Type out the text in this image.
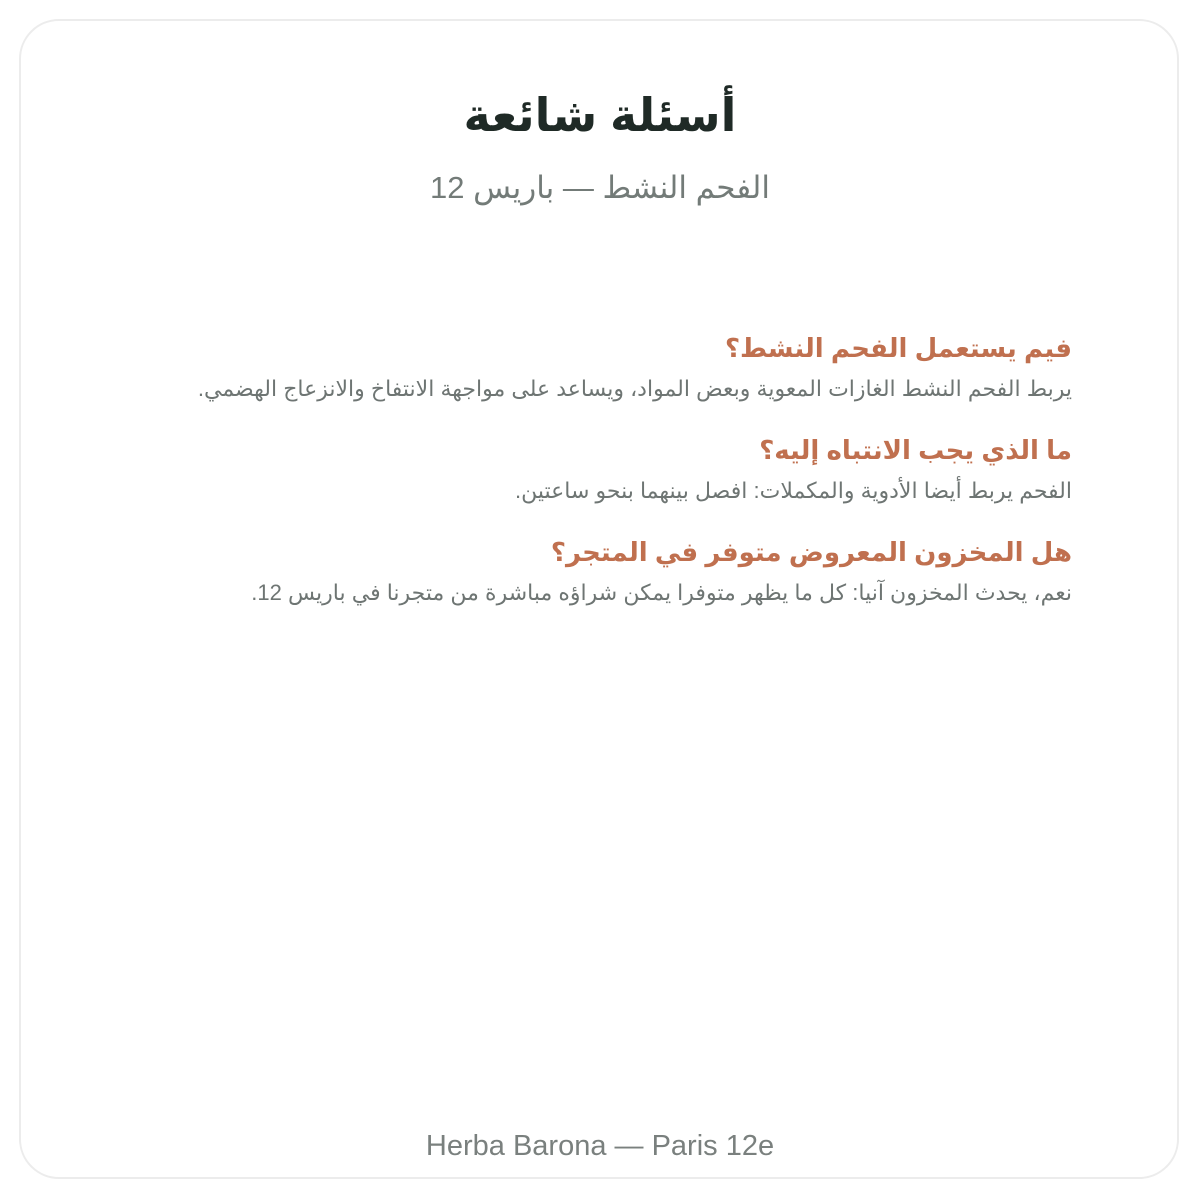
أسئلة شائعة
الفحم النشط — باريس 12
فيم يستعمل الفحم النشط؟
يربط الفحم النشط الغازات المعوية وبعض المواد، ويساعد على مواجهة الانتفاخ والانزعاج الهضمي.
ما الذي يجب الانتباه إليه؟
الفحم يربط أيضا الأدوية والمكملات: افصل بينهما بنحو ساعتين.
هل المخزون المعروض متوفر في المتجر؟
نعم، يحدث المخزون آنيا: كل ما يظهر متوفرا يمكن شراؤه مباشرة من متجرنا في باريس 12.
Herba Barona — Paris 12e
